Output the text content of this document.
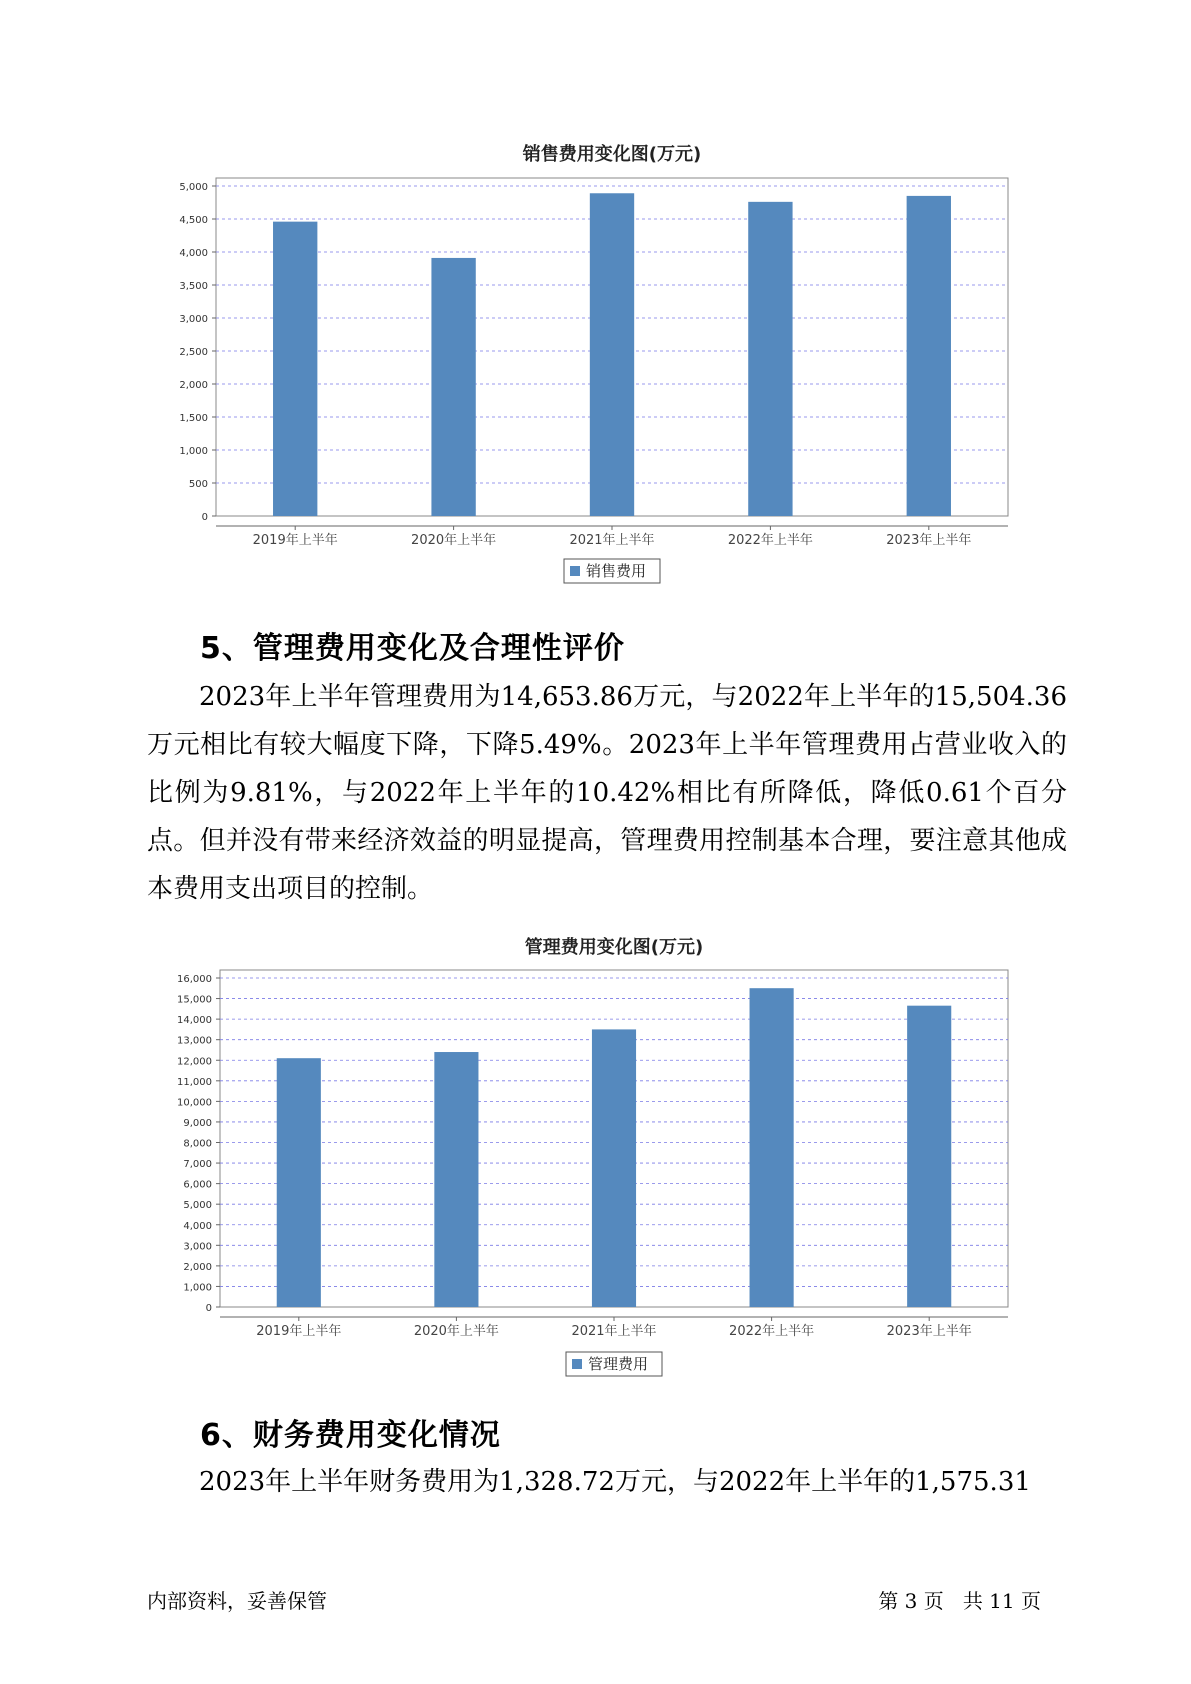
销售费用变化图(万元)
0
500
1,000
1,500
2,000
2,500
3,000
3,500
4,000
4,500
5,000
2019年上半年	2020年上半年	2021年上半年	2022年上半年	2023年上半年
销售费用
5、管理费用变化及合理性评价

2023年上半年管理费用为14,653.86万元，与2022年上半年的15,504.36万元相比有较大幅度下降，下降5.49%。2023年上半年管理费用占营业收入的比例为9.81%，与2022年上半年的10.42%相比有所降低，降低0.61个百分点。但并没有带来经济效益的明显提高，管理费用控制基本合理，要注意其他成本费用支出项目的控制。

管理费用变化图(万元)
0
1,000
2,000
3,000
4,000
5,000
6,000
7,000
8,000
9,000
10,000
11,000
12,000
13,000
14,000
15,000
16,000
2019年上半年	2020年上半年	2021年上半年	2022年上半年	2023年上半年
管理费用
6、财务费用变化情况

2023年上半年财务费用为1,328.72万元，与2022年上半年的1,575.31

内部资料，妥善保管	第 3 页   共 11 页
